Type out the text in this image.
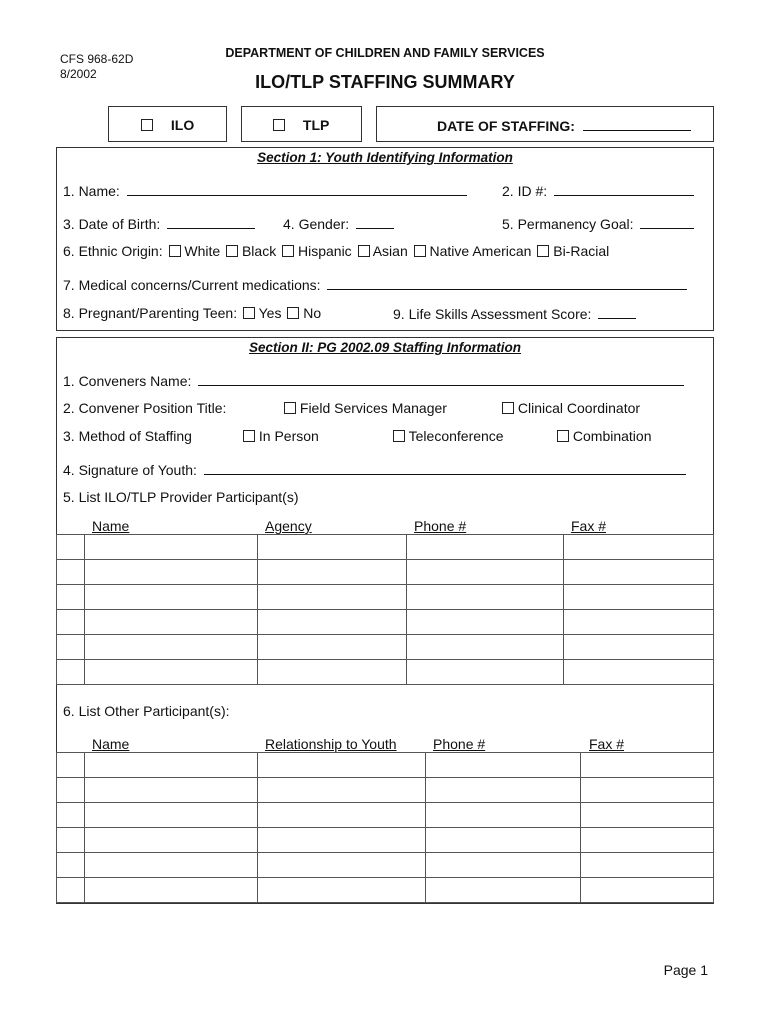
CFS 968-62D
8/2002
DEPARTMENT OF CHILDREN AND FAMILY SERVICES
ILO/TLP STAFFING SUMMARY
ILO	TLP	DATE OF STAFFING:
Section 1: Youth Identifying Information
1. Name:	2. ID #:
3. Date of Birth:	4. Gender:	5. Permanency Goal:
6. Ethnic Origin: White Black Hispanic Asian Native American Bi-Racial
7. Medical concerns/Current medications:
8. Pregnant/Parenting Teen: Yes No	9. Life Skills Assessment Score:
Section II: PG 2002.09 Staffing Information
1. Conveners Name:
2. Convener Position Title:	Field Services Manager	Clinical Coordinator
3. Method of Staffing	In Person	Teleconference	Combination
4. Signature of Youth:
5. List ILO/TLP Provider Participant(s)
Name	Agency	Phone #	Fax #

6. List Other Participant(s):
Name	Relationship to Youth	Phone #	Fax #

Page 1
